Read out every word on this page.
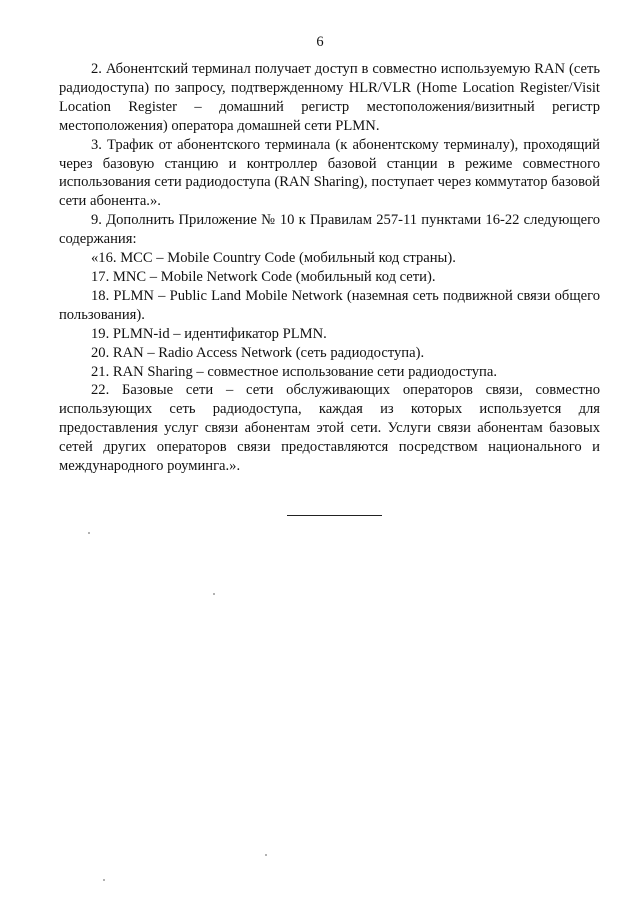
6

2. Абонентский терминал получает доступ в совместно используемую RAN (сеть радиодоступа) по запросу, подтвержденному HLR/VLR (Home Location Register/Visit Location Register – домашний регистр местоположения/визитный регистр местоположения) оператора домашней сети PLMN.

3. Трафик от абонентского терминала (к абонентскому терминалу), проходящий через базовую станцию и контроллер базовой станции в режиме совместного использования сети радиодоступа (RAN Sharing), поступает через коммутатор базовой сети абонента.».

9. Дополнить Приложение № 10 к Правилам 257-11 пунктами 16-22 следующего содержания:

«16. MCC – Mobile Country Code (мобильный код страны).

17. MNC – Mobile Network Code (мобильный код сети).

18. PLMN – Public Land Mobile Network (наземная сеть подвижной связи общего пользования).

19. PLMN-id – идентификатор PLMN.

20. RAN – Radio Access Network (сеть радиодоступа).

21. RAN Sharing – совместное использование сети радиодоступа.

22. Базовые сети – сети обслуживающих операторов связи, совместно использующих сеть радиодоступа, каждая из которых используется для предоставления услуг связи абонентам этой сети. Услуги связи абонентам базовых сетей других операторов связи предоставляются посредством национального и международного роуминга.».
